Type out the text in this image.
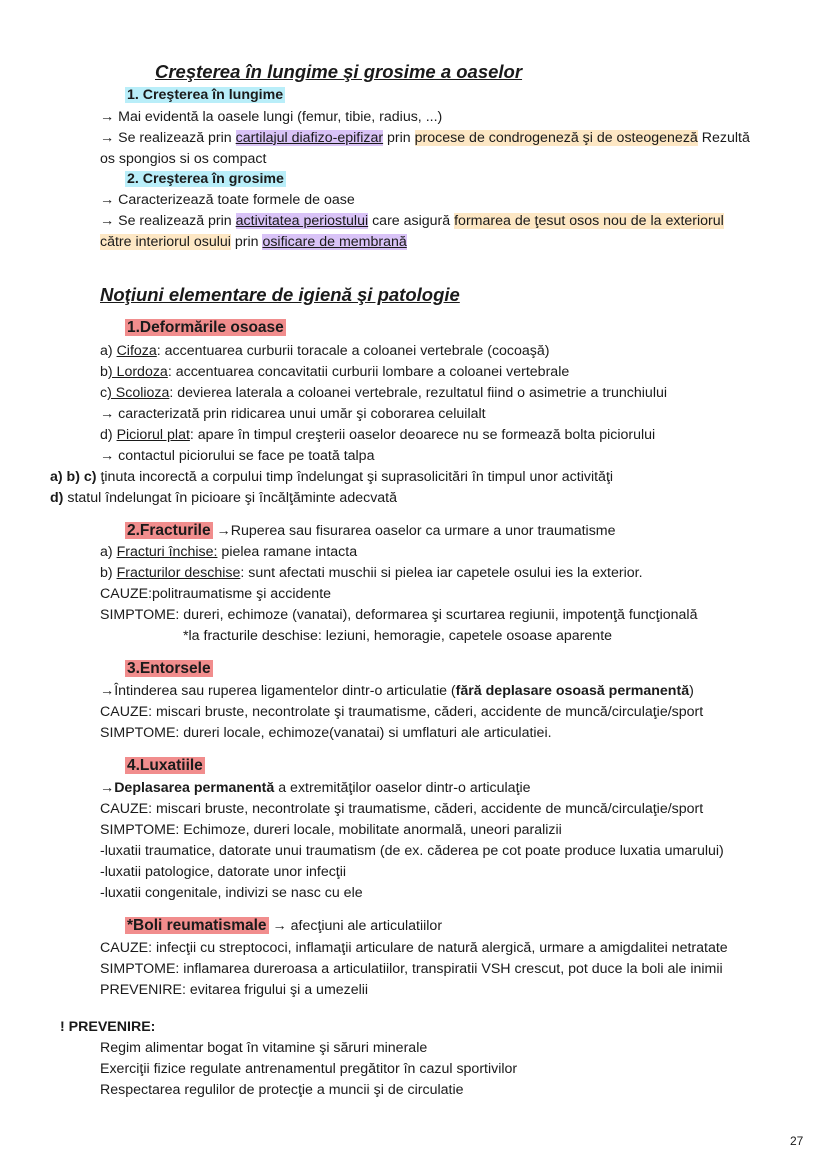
Creşterea în lungime şi grosime a oaselor
1. Creşterea în lungime
→ Mai evidentă la oasele lungi (femur, tibie, radius, ...)
→ Se realizează prin cartilajul diafizo-epifizar prin procese de condrogeneză şi de osteogeneză Rezultă
os spongios si os compact
2. Creşterea în grosime
→ Caracterizează toate formele de oase
→ Se realizează prin activitatea periostului care asigură formarea de ţesut osos nou de la exteriorul
către interiorul osului prin osificare de membrană
Noţiuni elementare de igienă şi patologie
1.Deformările osoase
a) Cifoza: accentuarea curburii toracale a coloanei vertebrale (cocoaşă)
b) Lordoza: accentuarea concavitatii curburii lombare a coloanei vertebrale
c) Scolioza: devierea laterala a coloanei vertebrale, rezultatul fiind o asimetrie a trunchiului
→ caracterizată prin ridicarea unui umăr şi coborarea celuilalt
d) Piciorul plat: apare în timpul creşterii oaselor deoarece nu se formează bolta piciorului
→ contactul piciorului se face pe toată talpa
a) b) c) ţinuta incorectă a corpului timp îndelungat şi suprasolicitări în timpul unor activităţi
d) statul îndelungat în picioare şi încălţăminte adecvată
2.Fracturile →Ruperea sau fisurarea oaselor ca urmare a unor traumatisme
a) Fracturi închise: pielea ramane intacta
b) Fracturilor deschise: sunt afectati muschii si pielea iar capetele osului ies la exterior.
CAUZE:politraumatisme şi accidente
SIMPTOME: dureri, echimoze (vanatai), deformarea şi scurtarea regiunii, impotenţă funcţională
*la fracturile deschise: leziuni, hemoragie, capetele osoase aparente
3.Entorsele
→Întinderea sau ruperea ligamentelor dintr-o articulatie (fără deplasare osoasă permanentă)
CAUZE: miscari bruste, necontrolate şi traumatisme, căderi, accidente de muncă/circulaţie/sport
SIMPTOME: dureri locale, echimoze(vanatai) si umflaturi ale articulatiei.
4.Luxatiile
→Deplasarea permanentă a extremităţilor oaselor dintr-o articulaţie
CAUZE: miscari bruste, necontrolate şi traumatisme, căderi, accidente de muncă/circulaţie/sport
SIMPTOME: Echimoze, dureri locale, mobilitate anormală, uneori paralizii
-luxatii traumatice, datorate unui traumatism (de ex. căderea pe cot poate produce luxatia umarului)
-luxatii patologice, datorate unor infecţii
-luxatii congenitale, indivizi se nasc cu ele
*Boli reumatismale → afecţiuni ale articulatiilor
CAUZE: infecţii cu streptococi, inflamaţii articulare de natură alergică, urmare a amigdalitei netratate
SIMPTOME: inflamarea dureroasa a articulatiilor, transpiratii VSH crescut, pot duce la boli ale inimii
PREVENIRE: evitarea frigului şi a umezelii
! PREVENIRE:
Regim alimentar bogat în vitamine şi săruri minerale
Exerciţii fizice regulate antrenamentul pregătitor în cazul sportivilor
Respectarea regulilor de protecţie a muncii şi de circulatie
27
